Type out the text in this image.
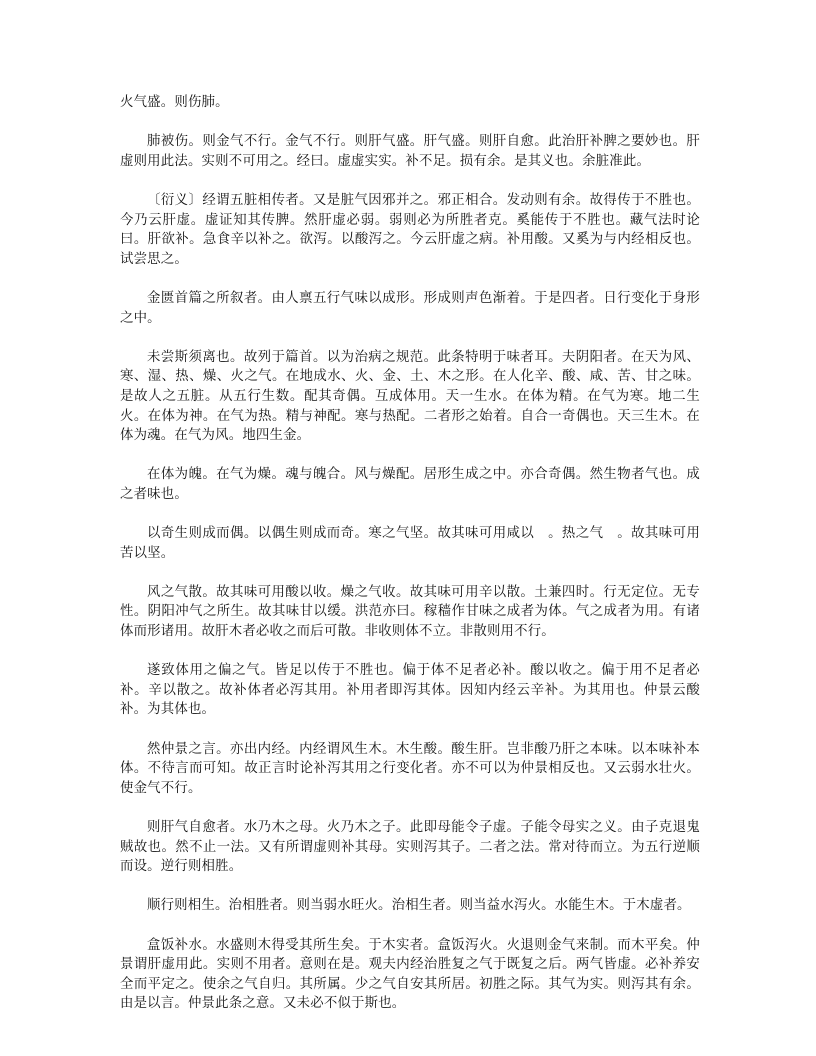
火气盛。则伤肺。

肺被伤。则金气不行。金气不行。则肝气盛。肝气盛。则肝自愈。此治肝补脾之要妙也。肝虚则用此法。实则不可用之。经曰。虚虚实实。补不足。损有余。是其义也。余脏准此。

〔衍义〕经谓五脏相传者。又是脏气因邪并之。邪正相合。发动则有余。故得传于不胜也。今乃云肝虚。虚证知其传脾。然肝虚必弱。弱则必为所胜者克。奚能传于不胜也。藏气法时论曰。肝欲补。急食辛以补之。欲泻。以酸泻之。今云肝虚之病。补用酸。又奚为与内经相反也。试尝思之。

金匮首篇之所叙者。由人禀五行气味以成形。形成则声色渐着。于是四者。日行变化于身形之中。

未尝斯须离也。故列于篇首。以为治病之规范。此条特明于味者耳。夫阴阳者。在天为风、寒、湿、热、燥、火之气。在地成水、火、金、土、木之形。在人化辛、酸、咸、苦、甘之味。是故人之五脏。从五行生数。配其奇偶。互成体用。天一生水。在体为精。在气为寒。地二生火。在体为神。在气为热。精与神配。寒与热配。二者形之始着。自合一奇偶也。天三生木。在体为魂。在气为风。地四生金。

在体为魄。在气为燥。魂与魄合。风与燥配。居形生成之中。亦合奇偶。然生物者气也。成之者味也。

以奇生则成而偶。以偶生则成而奇。寒之气坚。故其味可用咸以　。热之气　。故其味可用苦以坚。

风之气散。故其味可用酸以收。燥之气收。故其味可用辛以散。土兼四时。行无定位。无专性。阴阳冲气之所生。故其味甘以缓。洪范亦曰。稼穑作甘味之成者为体。气之成者为用。有诸体而形诸用。故肝木者必收之而后可散。非收则体不立。非散则用不行。

遂致体用之偏之气。皆足以传于不胜也。偏于体不足者必补。酸以收之。偏于用不足者必补。辛以散之。故补体者必泻其用。补用者即泻其体。因知内经云辛补。为其用也。仲景云酸补。为其体也。

然仲景之言。亦出内经。内经谓风生木。木生酸。酸生肝。岂非酸乃肝之本味。以本味补本体。不待言而可知。故正言时论补泻其用之行变化者。亦不可以为仲景相反也。又云弱水壮火。使金气不行。

则肝气自愈者。水乃木之母。火乃木之子。此即母能令子虚。子能令母实之义。由子克退鬼贼故也。然不止一法。又有所谓虚则补其母。实则泻其子。二者之法。常对待而立。为五行逆顺而设。逆行则相胜。

顺行则相生。治相胜者。则当弱水旺火。治相生者。则当益水泻火。水能生木。于木虚者。

盒饭补水。水盛则木得受其所生矣。于木实者。盒饭泻火。火退则金气来制。而木平矣。仲景谓肝虚用此。实则不用者。意则在是。观夫内经治胜复之气于既复之后。两气皆虚。必补养安全而平定之。使余之气自归。其所属。少之气自安其所居。初胜之际。其气为实。则泻其有余。由是以言。仲景此条之意。又未必不似于斯也。
